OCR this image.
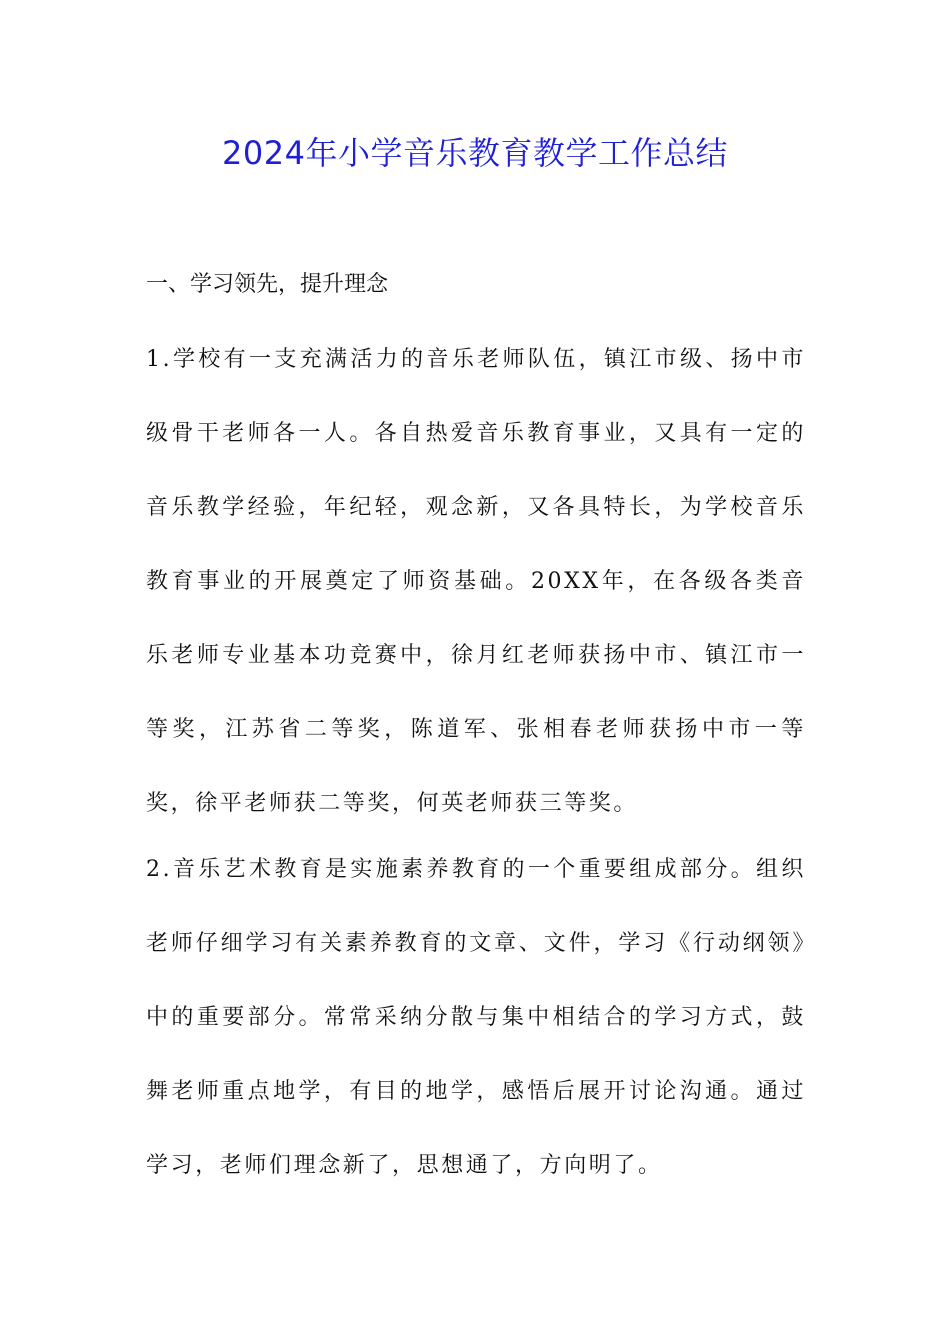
2024年小学音乐教育教学工作总结

一、学习领先，提升理念

1.学校有一支充满活力的音乐老师队伍，镇江市级、扬中市级骨干老师各一人。各自热爱音乐教育事业，又具有一定的音乐教学经验，年纪轻，观念新，又各具特长，为学校音乐教育事业的开展奠定了师资基础。20XX年，在各级各类音乐老师专业基本功竞赛中，徐月红老师获扬中市、镇江市一等奖，江苏省二等奖，陈道军、张相春老师获扬中市一等奖，徐平老师获二等奖，何英老师获三等奖。

2.音乐艺术教育是实施素养教育的一个重要组成部分。组织老师仔细学习有关素养教育的文章、文件，学习《行动纲领》中的重要部分。常常采纳分散与集中相结合的学习方式，鼓舞老师重点地学，有目的地学，感悟后展开讨论沟通。通过学习，老师们理念新了，思想通了，方向明了。
